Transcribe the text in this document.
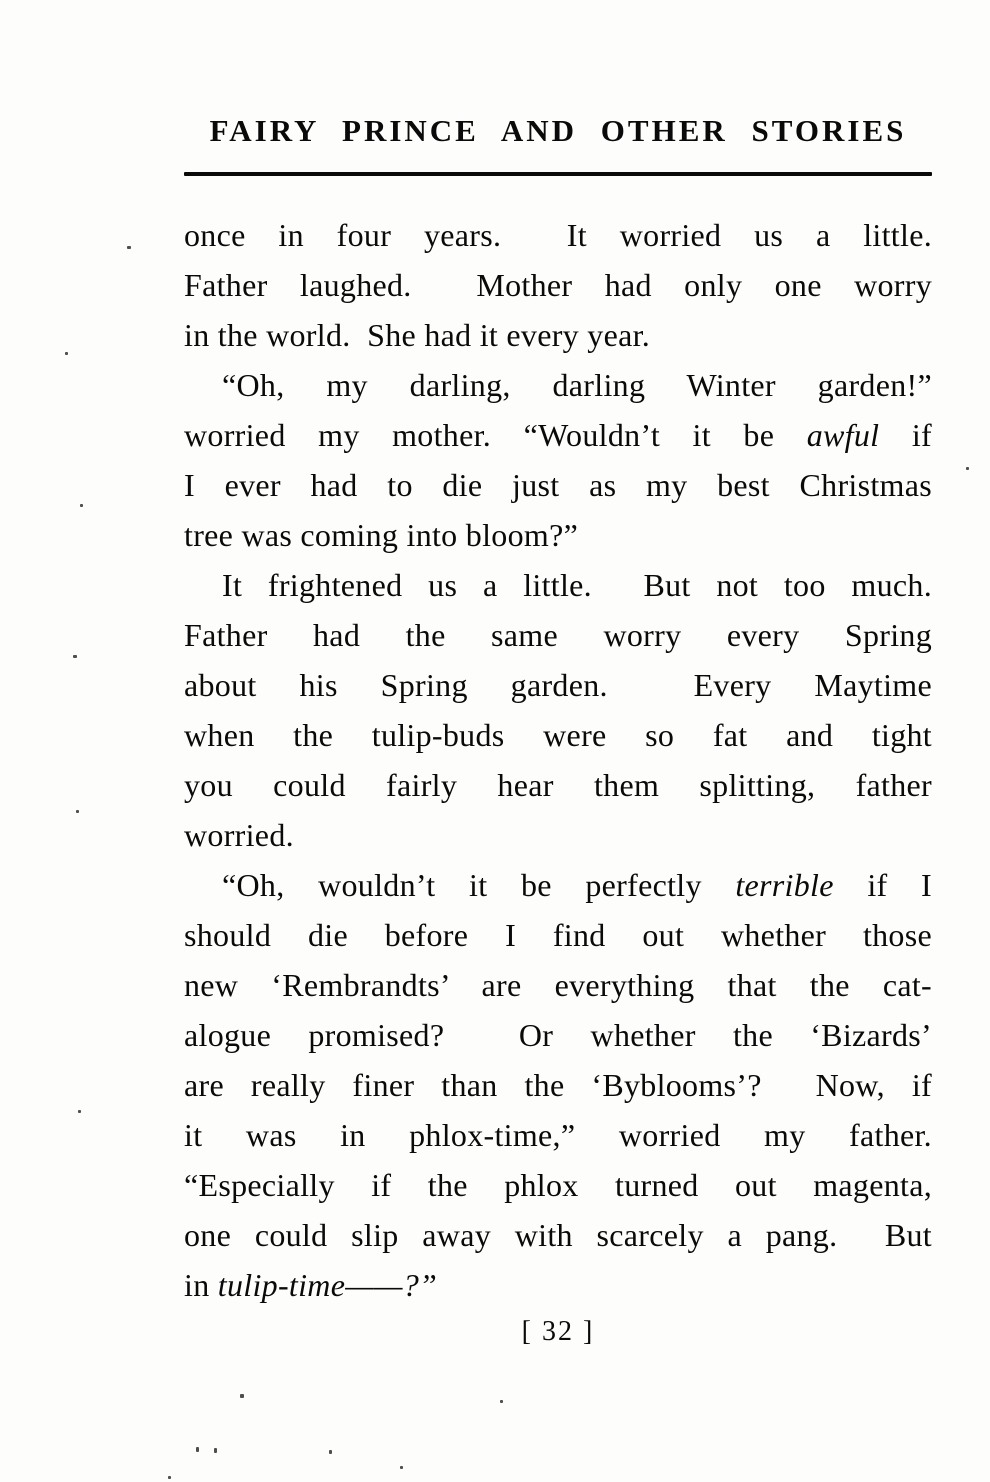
FAIRY PRINCE AND OTHER STORIES
once in four years.  It worried us a little.
Father laughed.  Mother had only one worry
in the world.  She had it every year.
“Oh, my darling, darling Winter garden!”
worried my mother. “Wouldn’t it be awful if
I ever had to die just as my best Christmas
tree was coming into bloom?”
It frightened us a little.  But not too much.
Father had the same worry every Spring
about his Spring garden.  Every Maytime
when the tulip-buds were so fat and tight
you could fairly hear them splitting, father
worried.
“Oh, wouldn’t it be perfectly terrible if I
should die before I find out whether those
new ‘Rembrandts’ are everything that the cat-
alogue promised?  Or whether the ‘Bizards’
are really finer than the ‘Byblooms’?  Now, if
it was in phlox-time,” worried my father.
“Especially if the phlox turned out magenta,
one could slip away with scarcely a pang.  But
in tulip-time——?”
[ 32 ]
